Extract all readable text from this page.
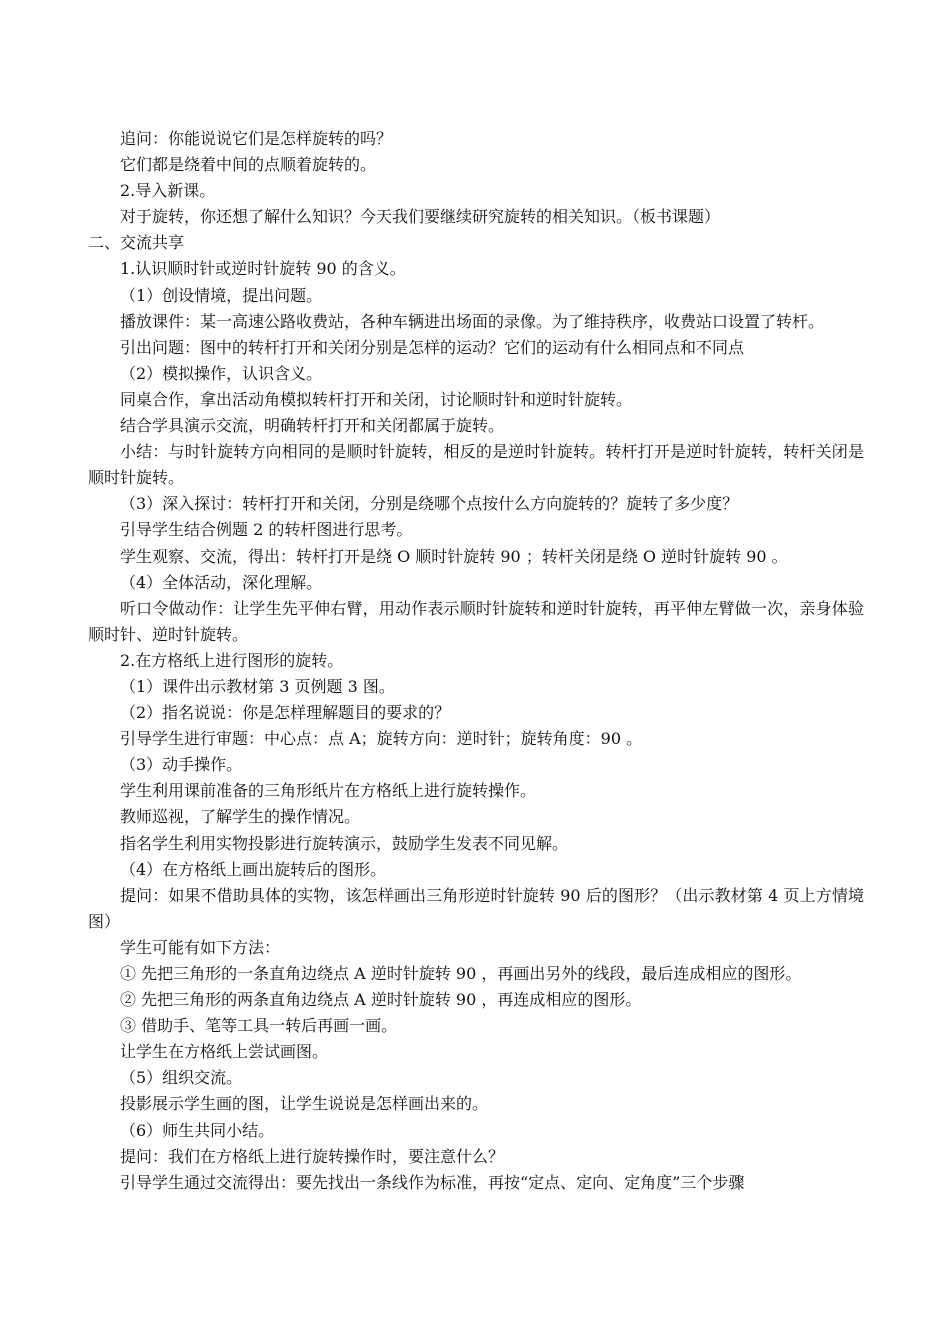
追问：你能说说它们是怎样旋转的吗？

它们都是绕着中间的点顺着旋转的。

2.导入新课。

对于旋转，你还想了解什么知识？今天我们要继续研究旋转的相关知识。（板书课题）

二、交流共享

1.认识顺时针或逆时针旋转 90 的含义。

（1）创设情境，提出问题。

播放课件：某一高速公路收费站，各种车辆进出场面的录像。为了维持秩序，收费站口设置了转杆。

引出问题：图中的转杆打开和关闭分别是怎样的运动？它们的运动有什么相同点和不同点

（2）模拟操作，认识含义。

同桌合作，拿出活动角模拟转杆打开和关闭，讨论顺时针和逆时针旋转。

结合学具演示交流，明确转杆打开和关闭都属于旋转。

小结：与时针旋转方向相同的是顺时针旋转，相反的是逆时针旋转。转杆打开是逆时针旋转，转杆关闭是顺时针旋转。

（3）深入探讨：转杆打开和关闭，分别是绕哪个点按什么方向旋转的？旋转了多少度？

引导学生结合例题 2 的转杆图进行思考。

学生观察、交流，得出：转杆打开是绕 O 顺时针旋转 90 ；转杆关闭是绕 O 逆时针旋转 90 。

（4）全体活动，深化理解。

听口令做动作：让学生先平伸右臂，用动作表示顺时针旋转和逆时针旋转，再平伸左臂做一次，亲身体验顺时针、逆时针旋转。

2.在方格纸上进行图形的旋转。

（1）课件出示教材第 3 页例题 3 图。

（2）指名说说：你是怎样理解题目的要求的？

引导学生进行审题：中心点：点 A；旋转方向：逆时针；旋转角度：90 。

（3）动手操作。

学生利用课前准备的三角形纸片在方格纸上进行旋转操作。

教师巡视，了解学生的操作情况。

指名学生利用实物投影进行旋转演示，鼓励学生发表不同见解。

（4）在方格纸上画出旋转后的图形。

提问：如果不借助具体的实物，该怎样画出三角形逆时针旋转 90 后的图形？（出示教材第 4 页上方情境图）

学生可能有如下方法：

① 先把三角形的一条直角边绕点 A 逆时针旋转 90 ，再画出另外的线段，最后连成相应的图形。

② 先把三角形的两条直角边绕点 A 逆时针旋转 90 ，再连成相应的图形。

③ 借助手、笔等工具一转后再画一画。

让学生在方格纸上尝试画图。

（5）组织交流。

投影展示学生画的图，让学生说说是怎样画出来的。

（6）师生共同小结。

提问：我们在方格纸上进行旋转操作时，要注意什么？

引导学生通过交流得出：要先找出一条线作为标准，再按“定点、定向、定角度”三个步骤
